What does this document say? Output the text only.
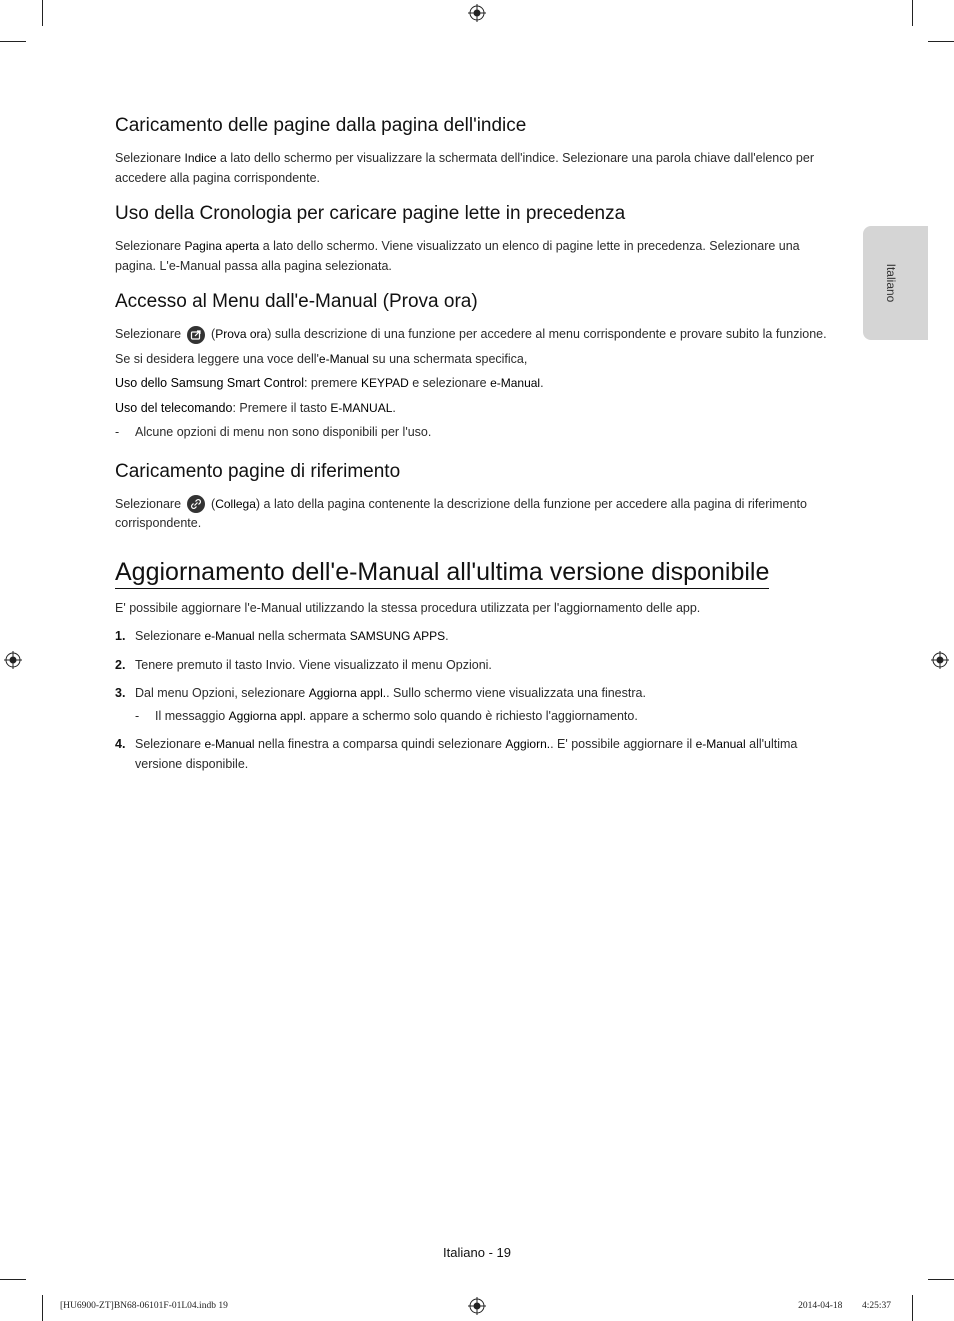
Italiano
Caricamento delle pagine dalla pagina dell'indice

Selezionare Indice a lato dello schermo per visualizzare la schermata dell'indice. Selezionare una parola chiave dall'elenco per accedere alla pagina corrispondente.

Uso della Cronologia per caricare pagine lette in precedenza

Selezionare Pagina aperta a lato dello schermo. Viene visualizzato un elenco di pagine lette in precedenza. Selezionare una pagina. L'e-Manual passa alla pagina selezionata.

Accesso al Menu dall'e-Manual (Prova ora)

Selezionare (Prova ora) sulla descrizione di una funzione per accedere al menu corrispondente e provare subito la funzione.

Se si desidera leggere una voce dell'e-Manual su una schermata specifica,

Uso dello Samsung Smart Control: premere KEYPAD e selezionare e-Manual.

Uso del telecomando: Premere il tasto E-MANUAL.

- Alcune opzioni di menu non sono disponibili per l'uso.

Caricamento pagine di riferimento

Selezionare (Collega) a lato della pagina contenente la descrizione della funzione per accedere alla pagina di riferimento corrispondente.

Aggiornamento dell'e-Manual all'ultima versione disponibile

E' possibile aggiornare l'e-Manual utilizzando la stessa procedura utilizzata per l'aggiornamento delle app.

1. Selezionare e-Manual nella schermata SAMSUNG APPS.
2. Tenere premuto il tasto Invio. Viene visualizzato il menu Opzioni.
3. Dal menu Opzioni, selezionare Aggiorna appl.. Sullo schermo viene visualizzata una finestra.
- Il messaggio Aggiorna appl. appare a schermo solo quando è richiesto l'aggiornamento.
4. Selezionare e-Manual nella finestra a comparsa quindi selezionare Aggiorn.. E' possibile aggiornare il e-Manual all'ultima versione disponibile.
Italiano - 19
[HU6900-ZT]BN68-06101F-01L04.indb 19	2014-04-18 ￿￿ 4:25:37
